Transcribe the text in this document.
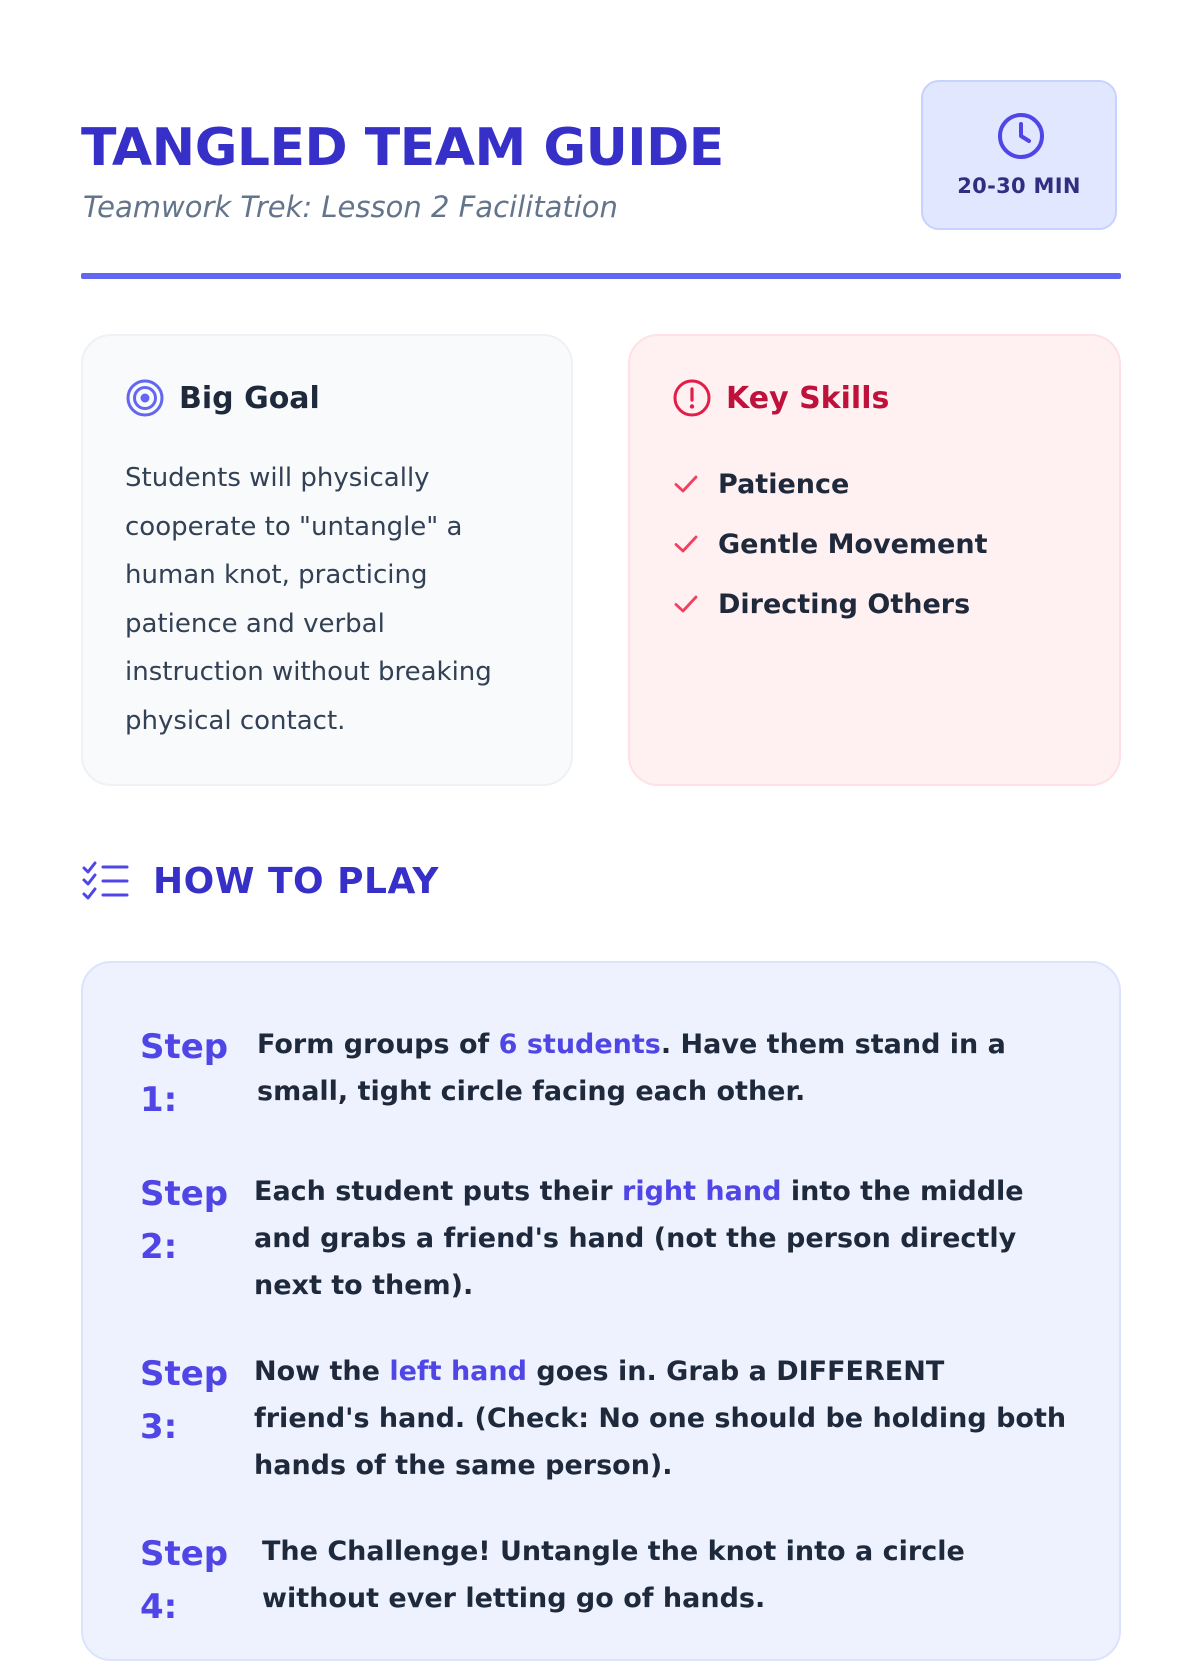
TANGLED TEAM GUIDE
Teamwork Trek: Lesson 2 Facilitation
20-30 MIN
Big Goal
Students will physically cooperate to "untangle" a human knot, practicing patience and verbal instruction without breaking physical contact.
Key Skills
Patience
Gentle Movement
Directing Others
HOW TO PLAY
Step 1:
Form groups of 6 students. Have them stand in a small, tight circle facing each other.
Step 2:
Each student puts their right hand into the middle and grabs a friend's hand (not the person directly next to them).
Step 3:
Now the left hand goes in. Grab a DIFFERENT friend's hand. (Check: No one should be holding both hands of the same person).
Step 4:
The Challenge! Untangle the knot into a circle without ever letting go of hands.
